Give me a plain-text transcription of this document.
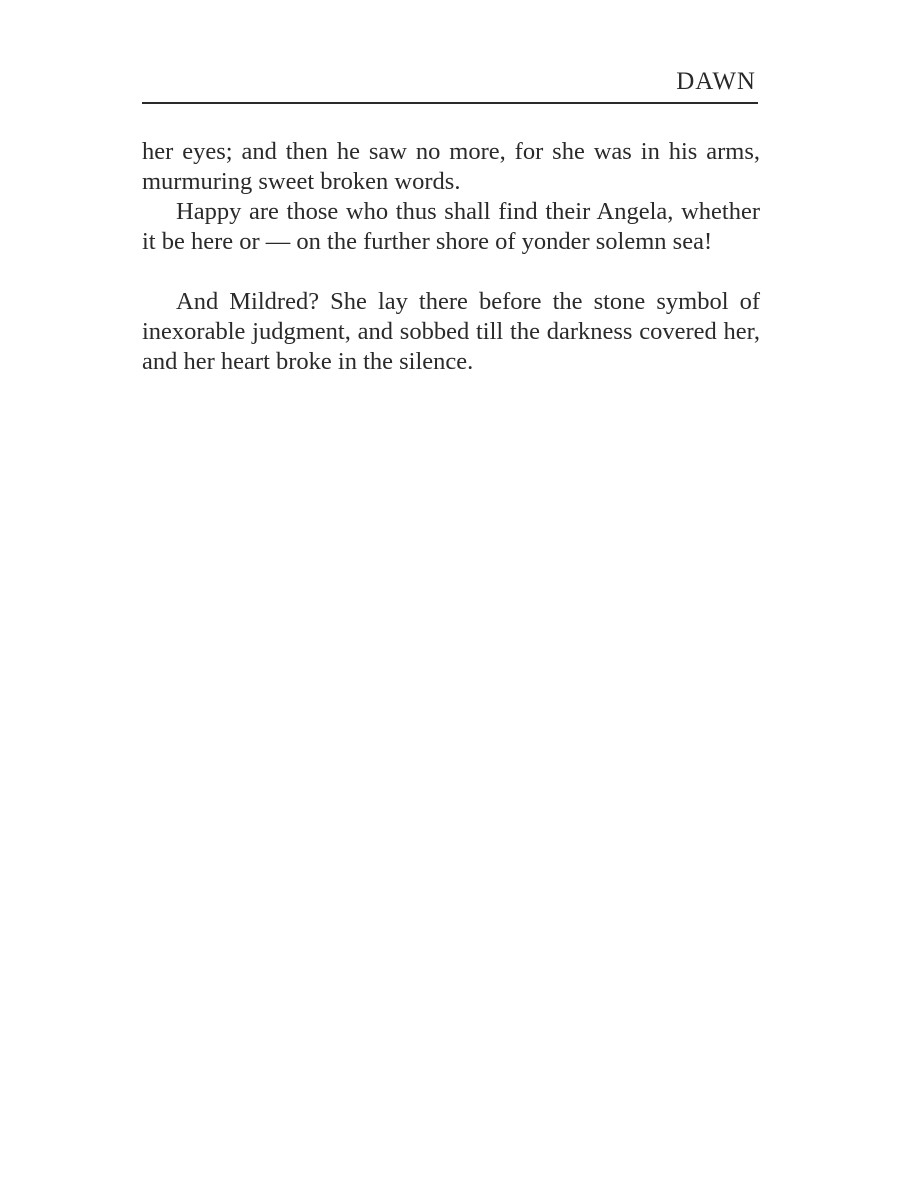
DAWN

her eyes; and then he saw no more, for she was in his arms, murmuring sweet broken words.

Happy are those who thus shall find their Angela, whether it be here or — on the further shore of yonder solemn sea!

And Mildred? She lay there before the stone symbol of inexorable judgment, and sobbed till the darkness covered her, and her heart broke in the silence.
